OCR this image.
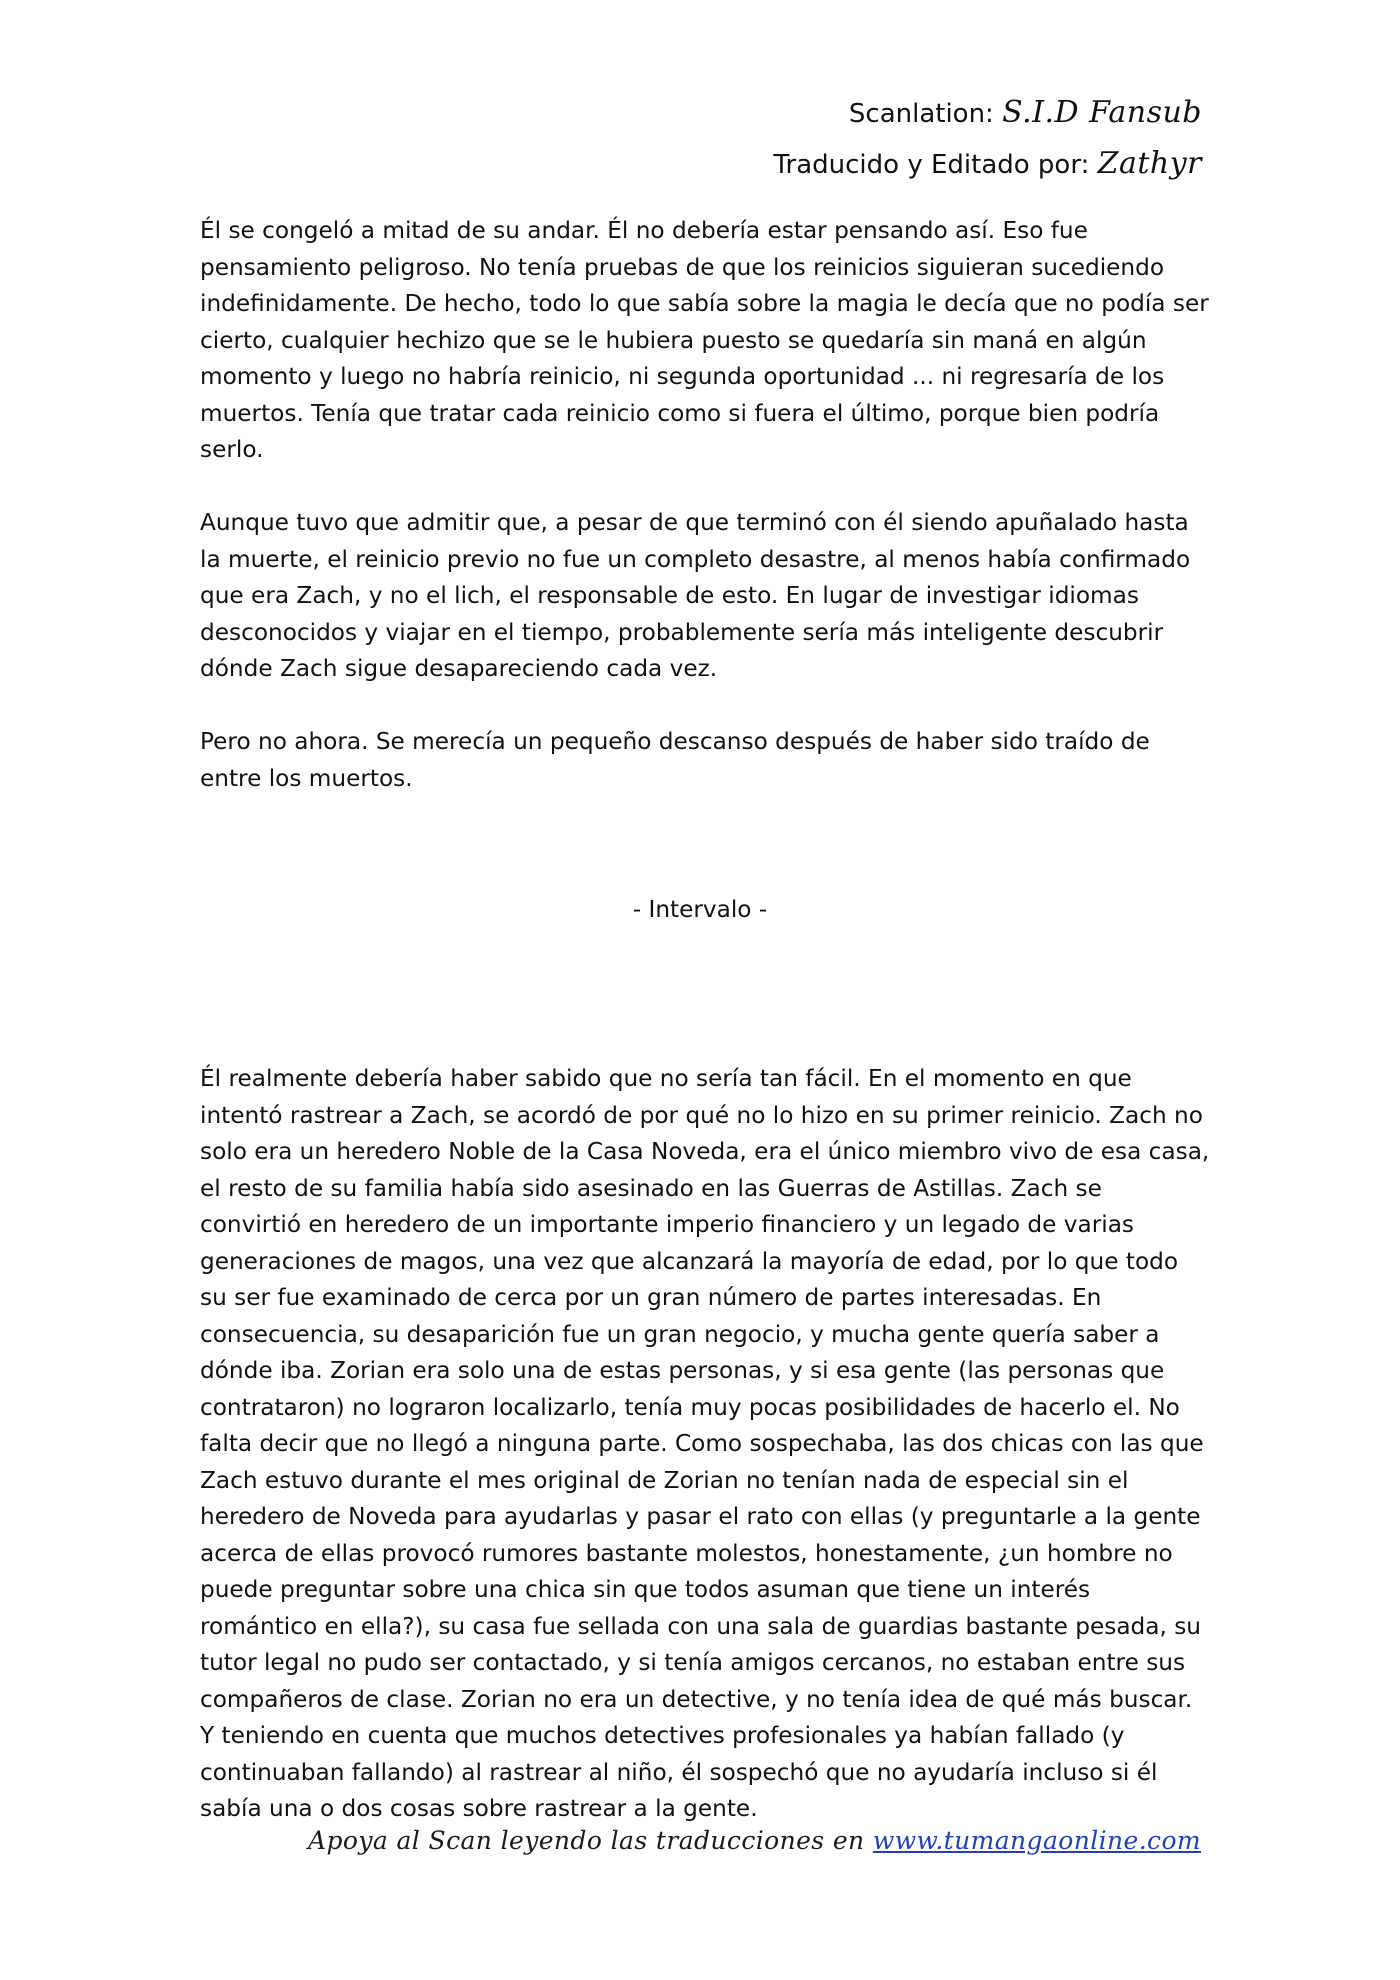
Scanlation: S.I.D Fansub
Traducido y Editado por: Zathyr

Él se congeló a mitad de su andar. Él no debería estar pensando así. Eso fue pensamiento peligroso. No tenía pruebas de que los reinicios siguieran sucediendo indefinidamente. De hecho, todo lo que sabía sobre la magia le decía que no podía ser cierto, cualquier hechizo que se le hubiera puesto se quedaría sin maná en algún momento y luego no habría reinicio, ni segunda oportunidad ... ni regresaría de los muertos. Tenía que tratar cada reinicio como si fuera el último, porque bien podría serlo.

Aunque tuvo que admitir que, a pesar de que terminó con él siendo apuñalado hasta la muerte, el reinicio previo no fue un completo desastre, al menos había confirmado que era Zach, y no el lich, el responsable de esto. En lugar de investigar idiomas desconocidos y viajar en el tiempo, probablemente sería más inteligente descubrir dónde Zach sigue desapareciendo cada vez.

Pero no ahora. Se merecía un pequeño descanso después de haber sido traído de entre los muertos.

- Intervalo -

Él realmente debería haber sabido que no sería tan fácil. En el momento en que intentó rastrear a Zach, se acordó de por qué no lo hizo en su primer reinicio. Zach no solo era un heredero Noble de la Casa Noveda, era el único miembro vivo de esa casa, el resto de su familia había sido asesinado en las Guerras de Astillas. Zach se convirtió en heredero de un importante imperio financiero y un legado de varias generaciones de magos, una vez que alcanzará la mayoría de edad, por lo que todo su ser fue examinado de cerca por un gran número de partes interesadas. En consecuencia, su desaparición fue un gran negocio, y mucha gente quería saber a dónde iba. Zorian era solo una de estas personas, y si esa gente (las personas que contrataron) no lograron localizarlo, tenía muy pocas posibilidades de hacerlo el. No falta decir que no llegó a ninguna parte. Como sospechaba, las dos chicas con las que Zach estuvo durante el mes original de Zorian no tenían nada de especial sin el heredero de Noveda para ayudarlas y pasar el rato con ellas (y preguntarle a la gente acerca de ellas provocó rumores bastante molestos, honestamente, ¿un hombre no puede preguntar sobre una chica sin que todos asuman que tiene un interés romántico en ella?), su casa fue sellada con una sala de guardias bastante pesada, su tutor legal no pudo ser contactado, y si tenía amigos cercanos, no estaban entre sus compañeros de clase. Zorian no era un detective, y no tenía idea de qué más buscar. Y teniendo en cuenta que muchos detectives profesionales ya habían fallado (y continuaban fallando) al rastrear al niño, él sospechó que no ayudaría incluso si él sabía una o dos cosas sobre rastrear a la gente.

Apoya al Scan leyendo las traducciones en www.tumangaonline.com
